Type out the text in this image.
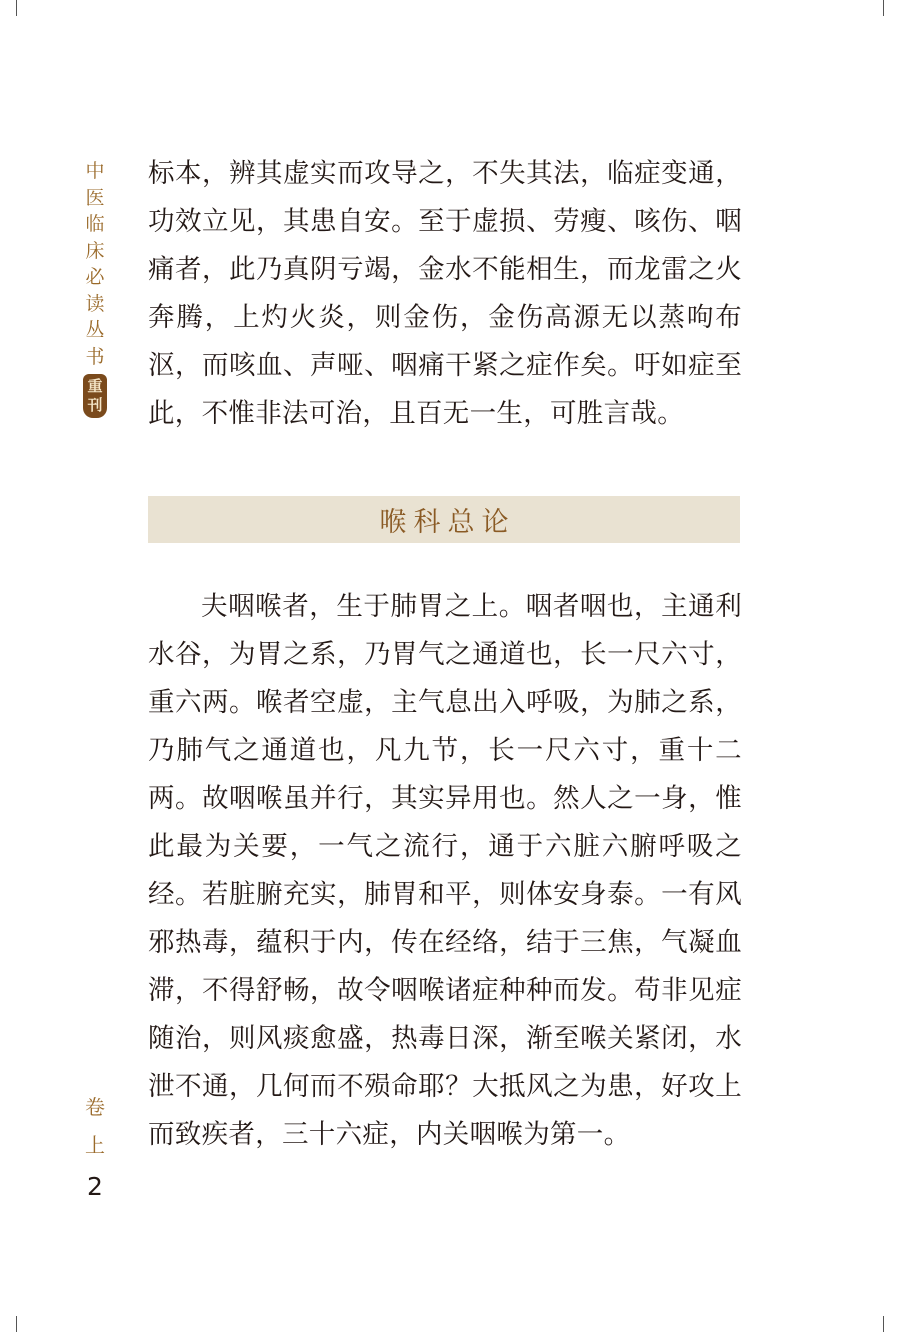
中
医
临
床
必
读
丛
书
重
刊

标本，辨其虚实而攻导之，不失其法，临症变通，功效立见，其患自安。至于虚损、劳瘦、咳伤、咽痛者，此乃真阴亏竭，金水不能相生，而龙雷之火奔腾，上灼火炎，则金伤，金伤高源无以蒸呴布沤，而咳血、声哑、咽痛干紧之症作矣。吁如症至此，不惟非法可治，且百无一生，可胜言哉。

喉科总论

夫咽喉者，生于肺胃之上。咽者咽也，主通利水谷，为胃之系，乃胃气之通道也，长一尺六寸，重六两。喉者空虚，主气息出入呼吸，为肺之系，乃肺气之通道也，凡九节，长一尺六寸，重十二两。故咽喉虽并行，其实异用也。然人之一身，惟此最为关要，一气之流行，通于六脏六腑呼吸之经。若脏腑充实，肺胃和平，则体安身泰。一有风邪热毒，蕴积于内，传在经络，结于三焦，气凝血滞，不得舒畅，故令咽喉诸症种种而发。苟非见症随治，则风痰愈盛，热毒日深，渐至喉关紧闭，水泄不通，几何而不殒命耶？大抵风之为患，好攻上而致疾者，三十六症，内关咽喉为第一。

卷
上
2
